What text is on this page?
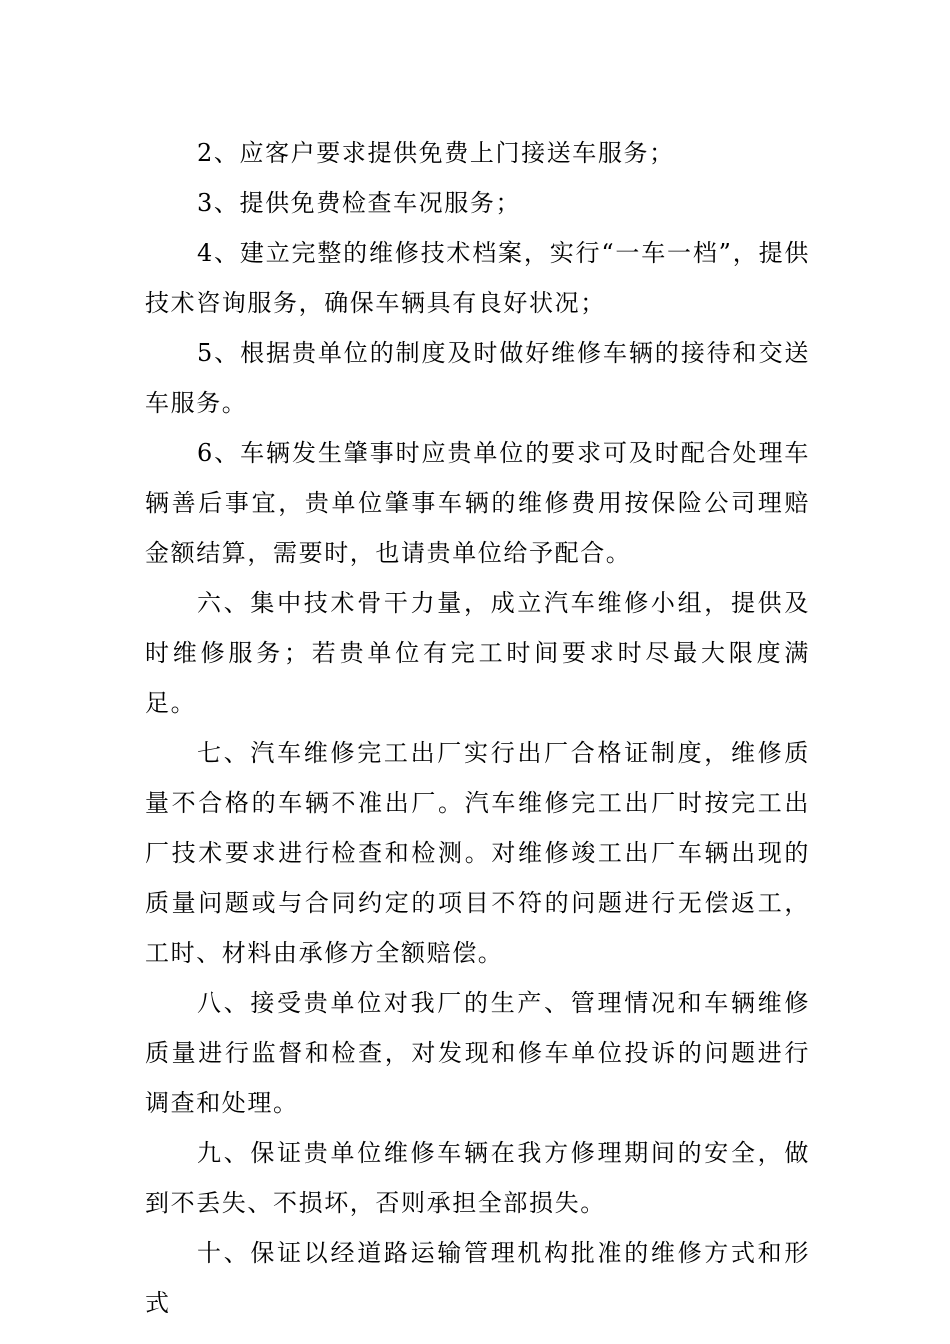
2、应客户要求提供免费上门接送车服务；

3、提供免费检查车况服务；

4、建立完整的维修技术档案，实行“一车一档”，提供技术咨询服务，确保车辆具有良好状况；

5、根据贵单位的制度及时做好维修车辆的接待和交送车服务。

6、车辆发生肇事时应贵单位的要求可及时配合处理车辆善后事宜，贵单位肇事车辆的维修费用按保险公司理赔金额结算，需要时，也请贵单位给予配合。

六、集中技术骨干力量，成立汽车维修小组，提供及时维修服务；若贵单位有完工时间要求时尽最大限度满足。

七、汽车维修完工出厂实行出厂合格证制度，维修质量不合格的车辆不准出厂。汽车维修完工出厂时按完工出厂技术要求进行检查和检测。对维修竣工出厂车辆出现的质量问题或与合同约定的项目不符的问题进行无偿返工，工时、材料由承修方全额赔偿。

八、接受贵单位对我厂的生产、管理情况和车辆维修质量进行监督和检查，对发现和修车单位投诉的问题进行调查和处理。

九、保证贵单位维修车辆在我方修理期间的安全，做到不丢失、不损坏，否则承担全部损失。

十、保证以经道路运输管理机构批准的维修方式和形式
